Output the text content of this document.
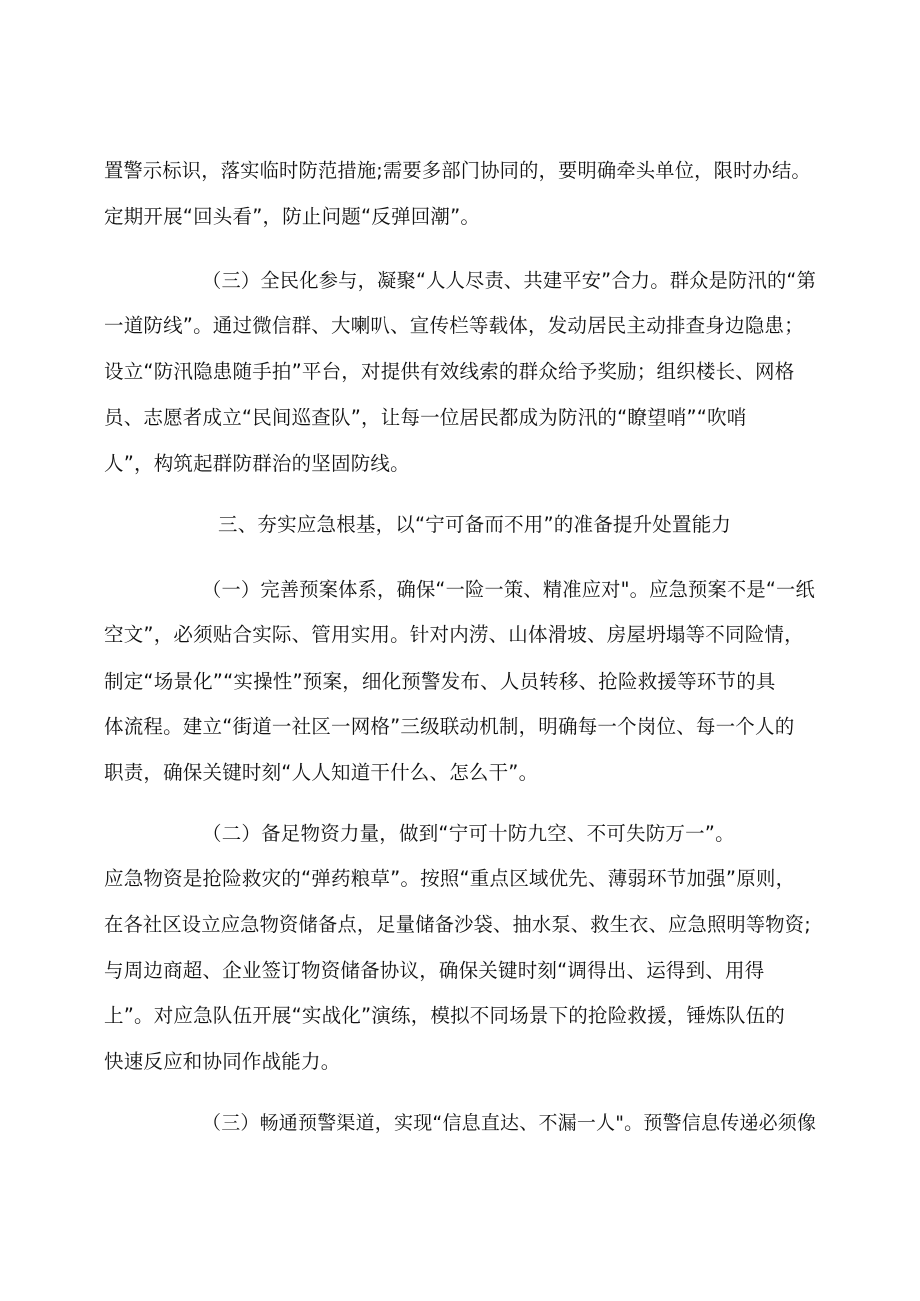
置警示标识，落实临时防范措施;需要多部门协同的，要明确牵头单位，限时办结。
定期开展“回头看”，防止问题“反弹回潮”。
（三）全民化参与，凝聚“人人尽责、共建平安”合力。群众是防汛的“第
一道防线”。通过微信群、大喇叭、宣传栏等载体，发动居民主动排查身边隐患；
设立“防汛隐患随手拍”平台，对提供有效线索的群众给予奖励；组织楼长、网格
员、志愿者成立“民间巡查队”，让每一位居民都成为防汛的“瞭望哨”“吹哨
人”，构筑起群防群治的坚固防线。
三、夯实应急根基，以“宁可备而不用”的准备提升处置能力
（一）完善预案体系，确保“一险一策、精准应对"。应急预案不是“一纸
空文”，必须贴合实际、管用实用。针对内涝、山体滑坡、房屋坍塌等不同险情，
制定“场景化”“实操性”预案，细化预警发布、人员转移、抢险救援等环节的具
体流程。建立“街道一社区一网格”三级联动机制，明确每一个岗位、每一个人的
职责，确保关键时刻“人人知道干什么、怎么干”。
（二）备足物资力量，做到“宁可十防九空、不可失防万一”。
应急物资是抢险救灾的“弹药粮草”。按照“重点区域优先、薄弱环节加强”原则，
在各社区设立应急物资储备点，足量储备沙袋、抽水泵、救生衣、应急照明等物资;
与周边商超、企业签订物资储备协议，确保关键时刻“调得出、运得到、用得
上”。对应急队伍开展“实战化”演练，模拟不同场景下的抢险救援，锤炼队伍的
快速反应和协同作战能力。
（三）畅通预警渠道，实现“信息直达、不漏一人"。预警信息传递必须像
